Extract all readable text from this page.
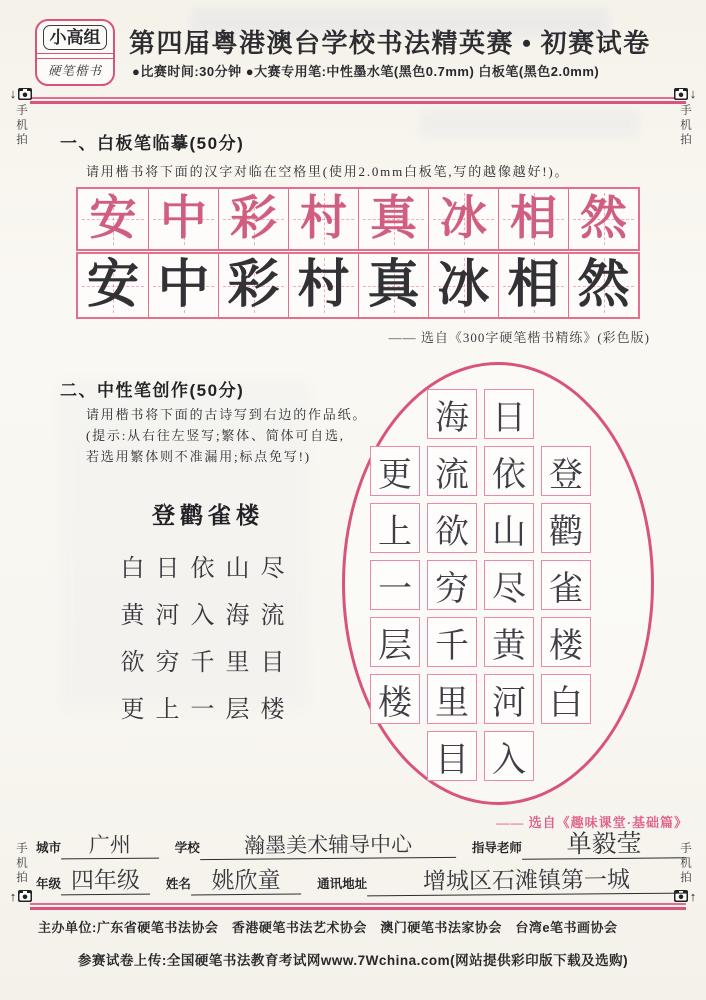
小高组
硬笔楷书
第四届粤港澳台学校书法精英赛 • 初赛试卷
●比赛时间:30分钟 ●大赛专用笔:中性墨水笔(黑色0.7mm) 白板笔(黑色2.0mm)
↓
手机拍
↓
手机拍
手机拍
↑
手机拍
↑
一、白板笔临摹(50分)
请用楷书将下面的汉字对临在空格里(使用2.0mm白板笔,写的越像越好!)。
安 中 彩 村 真 冰 相 然
安 中 彩 村 真 冰 相 然
—— 选自《300字硬笔楷书精练》(彩色版)
二、中性笔创作(50分)
请用楷书将下面的古诗写到右边的作品纸。
(提示:从右往左竖写;繁体、简体可自选,
若选用繁体则不准漏用;标点免写!)
登鹳雀楼
白日依山尽
黄河入海流
欲穷千里目
更上一层楼
海 日
更 流 依 登
上 欲 山 鹳
一 穷 尽 雀
层 千 黄 楼
楼 里 河 白
目 入
—— 选自《趣味课堂·基础篇》
城市	广州	学校	瀚墨美术辅导中心	指导老师	单毅莹
年级 四年级	姓名 姚欣童	通讯地址	增城区石滩镇第一城
主办单位:广东省硬笔书法协会　香港硬笔书法艺术协会　澳门硬笔书法家协会　台湾e笔书画协会
参赛试卷上传:全国硬笔书法教育考试网www.7Wchina.com(网站提供彩印版下载及选购)
